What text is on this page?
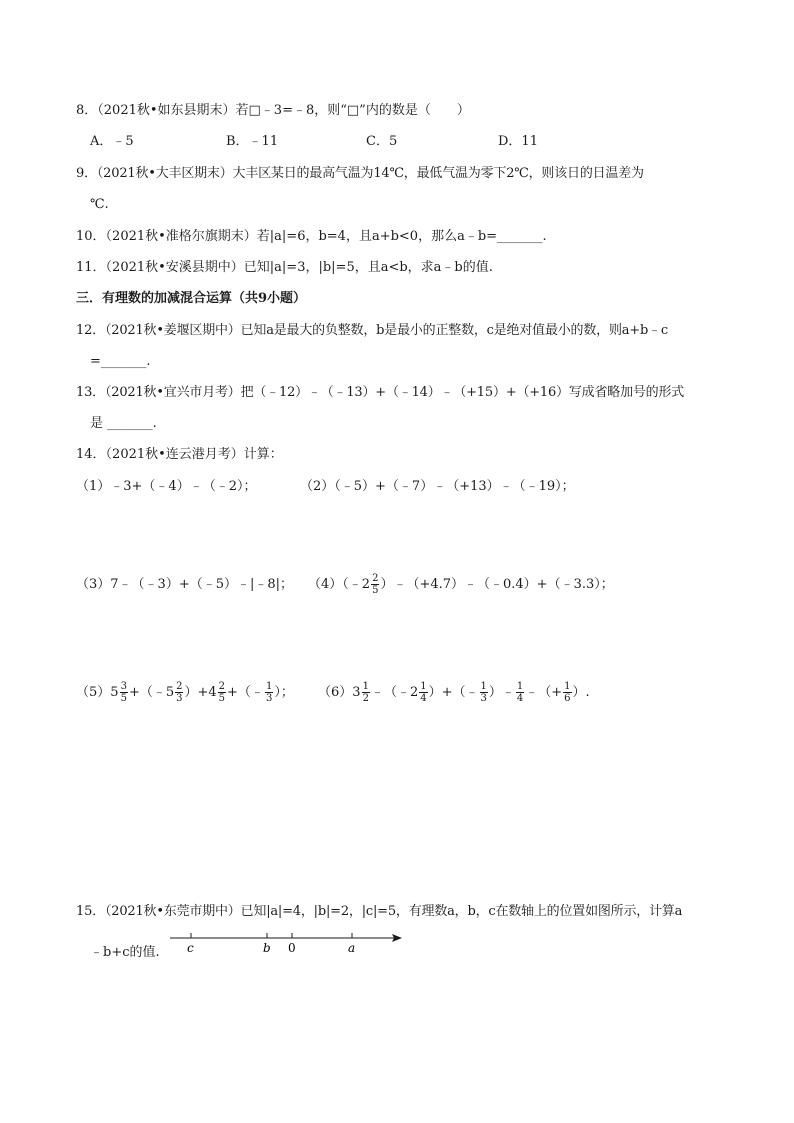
8．（2021秋•如东县期末）若□﹣3=﹣8，则“□”内的数是（　　）
A．﹣5	B．﹣11	C．5	D．11
9．（2021秋•大丰区期末）大丰区某日的最高气温为14℃，最低气温为零下2℃，则该日的日温差为
℃.
10．（2021秋•准格尔旗期末）若|a|=6，b=4，且a+b<0，那么a﹣b=_______.
11．（2021秋•安溪县期中）已知|a|=3，|b|=5，且a<b，求a﹣b的值.
三．有理数的加减混合运算（共9小题）
12．（2021秋•姜堰区期中）已知a是最大的负整数，b是最小的正整数，c是绝对值最小的数，则a+b﹣c
=_______.
13．（2021秋•宜兴市月考）把（﹣12）﹣（﹣13）+（﹣14）﹣（+15）+（+16）写成省略加号的形式
是 _______.
14．（2021秋•连云港月考）计算：
（1）﹣3+（﹣4）﹣（﹣2）；	（2）（﹣5）+（﹣7）﹣（+13）﹣（﹣19）；
（3）7﹣（﹣3）+（﹣5）﹣|﹣8|； （4）（﹣2 $\frac{2}{5}$ ）﹣（+4.7）﹣（﹣0.4）+（﹣3.3）；
$(5)5 \frac{3}{5}$ +（﹣5 $\frac{2}{3} )+4 \frac{2}{5}$ +（﹣ $\frac{1}{3}$ ）； $(6)3 \frac{1}{2}$ ﹣（﹣2 $\frac{1}{4}$ ）+（﹣ $\frac{1}{3}$ ）﹣ $\frac{1}{4}$ ﹣（+ $\frac{1}{6}$ ）.
15．（2021秋•东莞市期中）已知|a|=4，|b|=2，|c|=5，有理数a，b，c在数轴上的位置如图所示，计算a
﹣b+c的值. c	b 0	a
